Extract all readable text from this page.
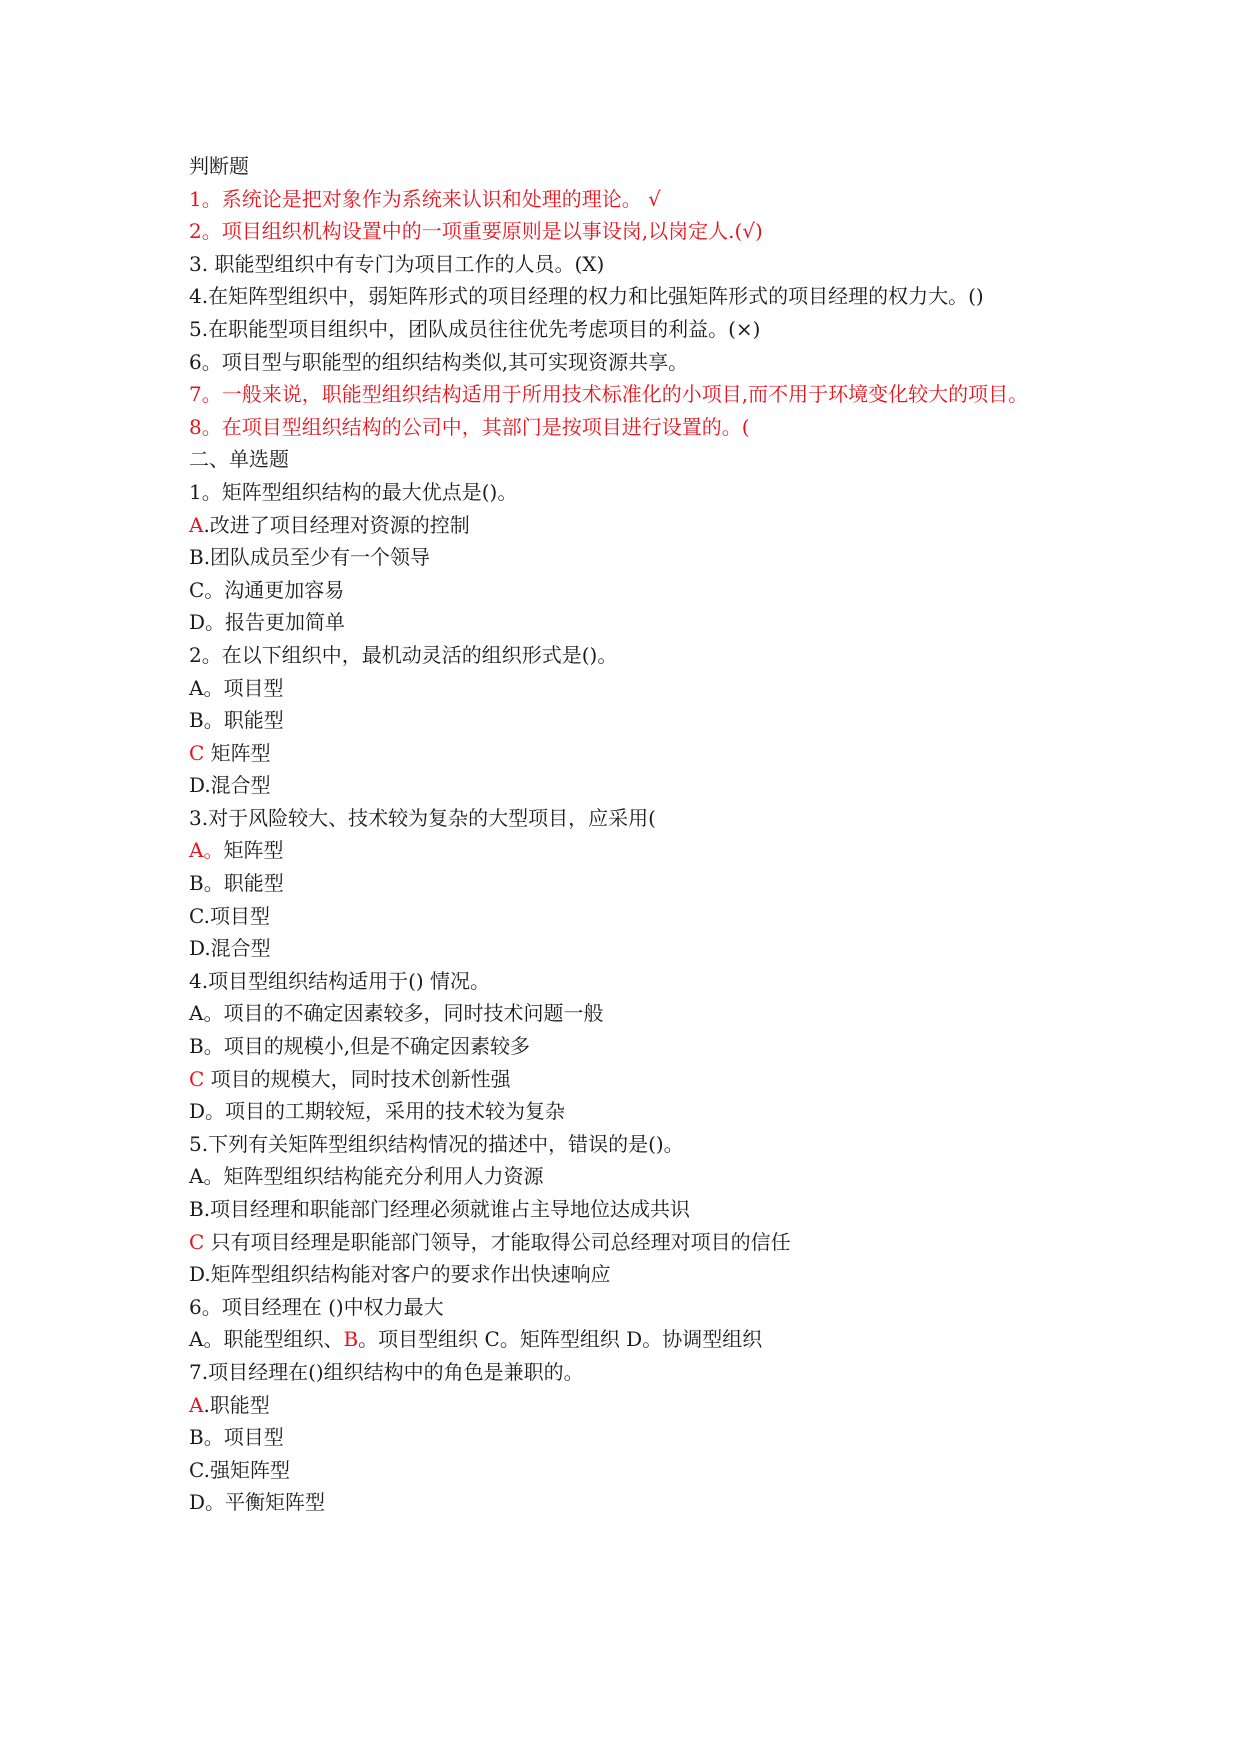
判断题
1。系统论是把对象作为系统来认识和处理的理论。 √
2。项目组织机构设置中的一项重要原则是以事设岗,以岗定人.(√)
3. 职能型组织中有专门为项目工作的人员。(X)
4.在矩阵型组织中，弱矩阵形式的项目经理的权力和比强矩阵形式的项目经理的权力大。()
5.在职能型项目组织中，团队成员往往优先考虑项目的利益。(×)
6。项目型与职能型的组织结构类似,其可实现资源共享。
7。一般来说，职能型组织结构适用于所用技术标准化的小项目,而不用于环境变化较大的项目。
8。在项目型组织结构的公司中，其部门是按项目进行设置的。(
二、单选题
1。矩阵型组织结构的最大优点是()。
A.改进了项目经理对资源的控制
B.团队成员至少有一个领导
C。沟通更加容易
D。报告更加简单
2。在以下组织中，最机动灵活的组织形式是()。
A。项目型
B。职能型
C 矩阵型
D.混合型
3.对于风险较大、技术较为复杂的大型项目，应采用(
A。矩阵型
B。职能型
C.项目型
D.混合型
4.项目型组织结构适用于() 情况。
A。项目的不确定因素较多，同时技术问题一般
B。项目的规模小,但是不确定因素较多
C 项目的规模大，同时技术创新性强
D。项目的工期较短，采用的技术较为复杂
5.下列有关矩阵型组织结构情况的描述中，错误的是()。
A。矩阵型组织结构能充分利用人力资源
B.项目经理和职能部门经理必须就谁占主导地位达成共识
C 只有项目经理是职能部门领导，才能取得公司总经理对项目的信任
D.矩阵型组织结构能对客户的要求作出快速响应
6。项目经理在 ()中权力最大
A。职能型组织、B。项目型组织 C。矩阵型组织 D。协调型组织
7.项目经理在()组织结构中的角色是兼职的。
A.职能型
B。项目型
C.强矩阵型
D。平衡矩阵型
